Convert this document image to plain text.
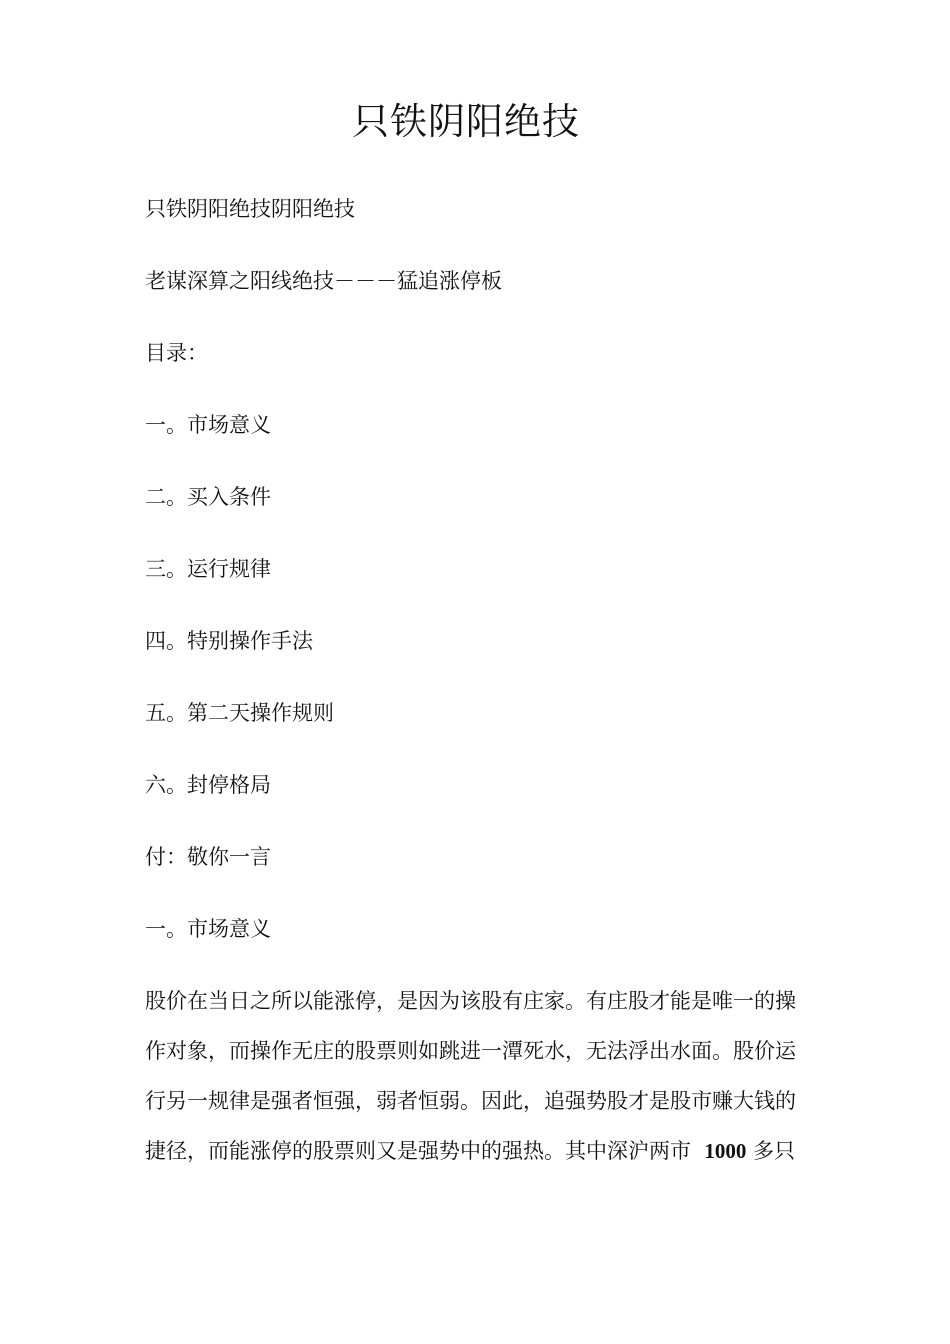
只铁阴阳绝技

只铁阴阳绝技阴阳绝技

老谋深算之阳线绝技－－－猛追涨停板

目录：

一。市场意义

二。买入条件

三。运行规律

四。特别操作手法

五。第二天操作规则

六。封停格局

付：敬你一言

一。市场意义

股价在当日之所以能涨停，是因为该股有庄家。有庄股才能是唯一的操
作对象，而操作无庄的股票则如跳进一潭死水，无法浮出水面。股价运
行另一规律是强者恒强，弱者恒弱。因此，追强势股才是股市赚大钱的
捷径，而能涨停的股票则又是强势中的强热。其中深沪两市 1000 多只
